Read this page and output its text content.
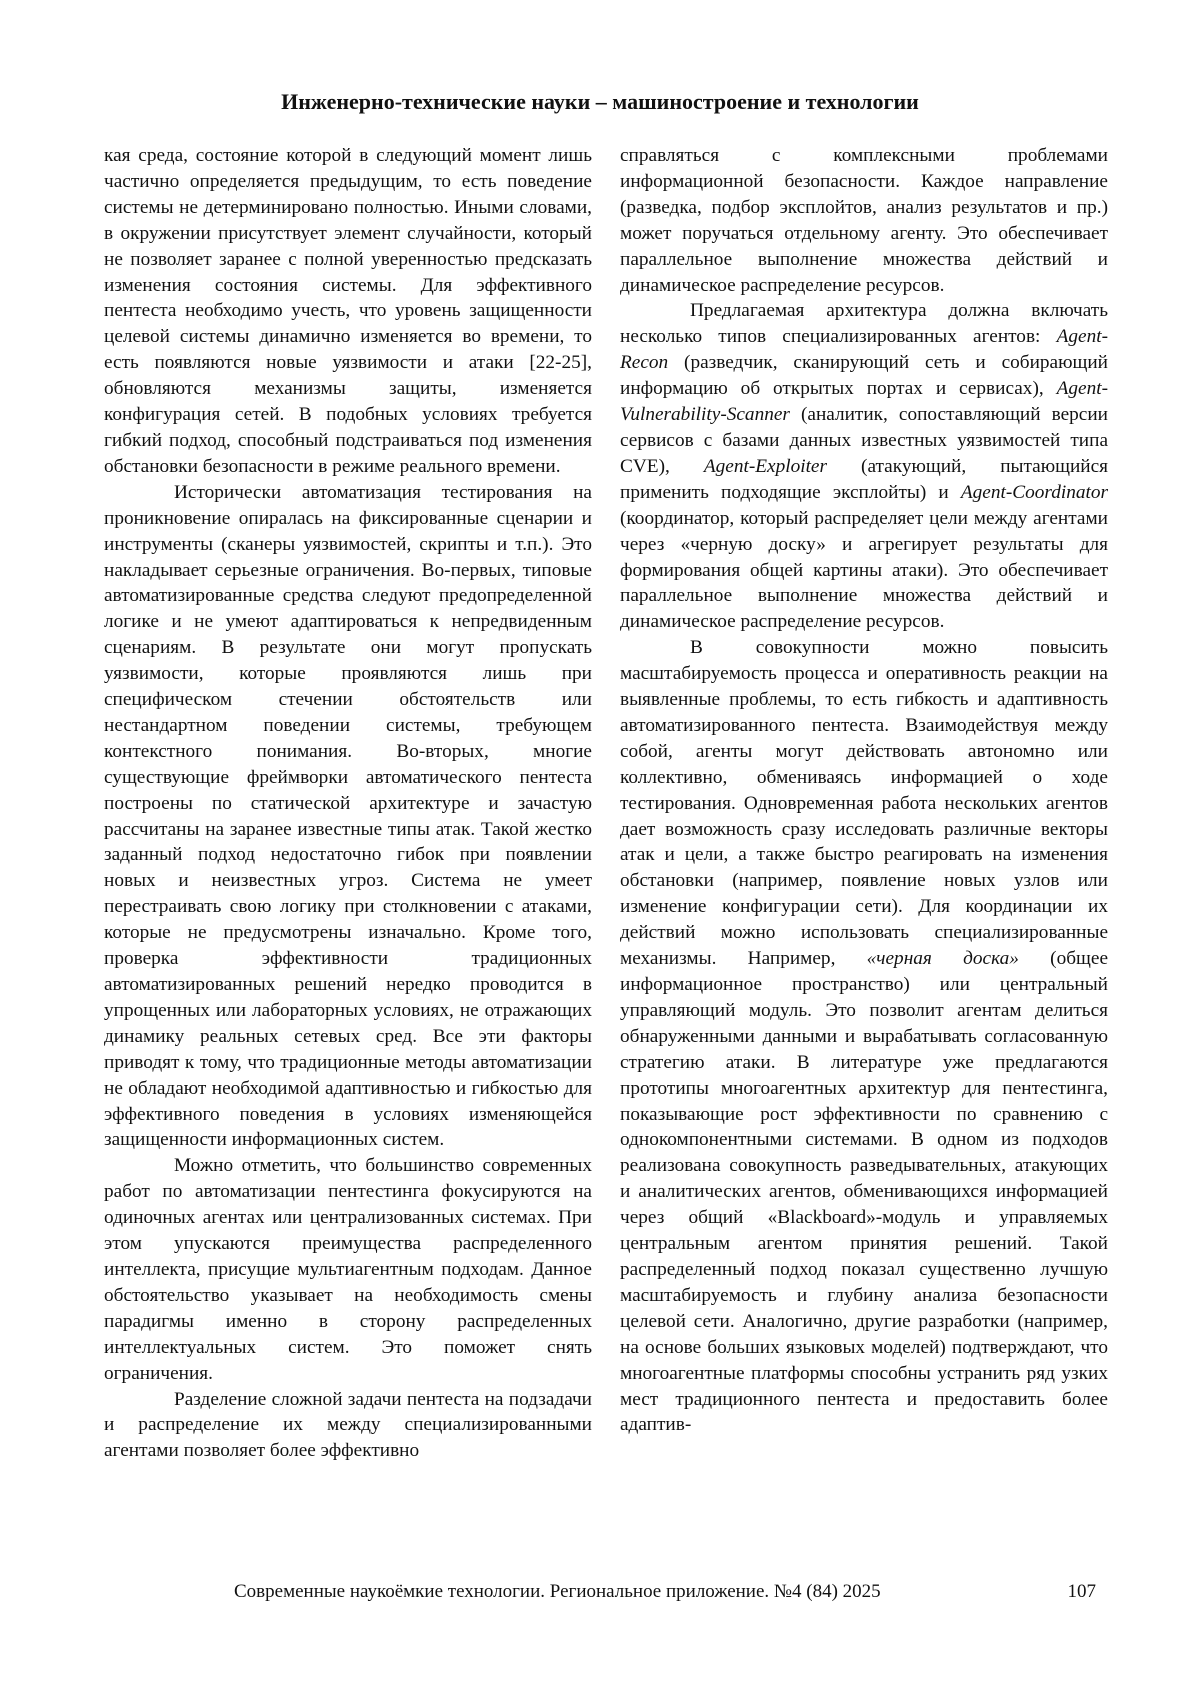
Инженерно-технические науки – машиностроение и технологии

кая среда, состояние которой в следующий момент лишь частично определяется предыдущим, то есть поведение системы не детерминировано полностью. Иными словами, в окружении присутствует элемент случайности, который не позволяет заранее с полной уверенностью предсказать изменения состояния системы. Для эффективного пентеста необходимо учесть, что уровень защищенности целевой системы динамично изменяется во времени, то есть появляются новые уязвимости и атаки [22-25], обновляются механизмы защиты, изменяется конфигурация сетей. В подобных условиях требуется гибкий подход, способный подстраиваться под изменения обстановки безопасности в режиме реального времени.

Исторически автоматизация тестирования на проникновение опиралась на фиксированные сценарии и инструменты (сканеры уязвимостей, скрипты и т.п.). Это накладывает серьезные ограничения. Во-первых, типовые автоматизированные средства следуют предопределенной логике и не умеют адаптироваться к непредвиденным сценариям. В результате они могут пропускать уязвимости, которые проявляются лишь при специфическом стечении обстоятельств или нестандартном поведении системы, требующем контекстного понимания. Во-вторых, многие существующие фреймворки автоматического пентеста построены по статической архитектуре и зачастую рассчитаны на заранее известные типы атак. Такой жестко заданный подход недостаточно гибок при появлении новых и неизвестных угроз. Система не умеет перестраивать свою логику при столкновении с атаками, которые не предусмотрены изначально. Кроме того, проверка эффективности традиционных автоматизированных решений нередко проводится в упрощенных или лабораторных условиях, не отражающих динамику реальных сетевых сред. Все эти факторы приводят к тому, что традиционные методы автоматизации не обладают необходимой адаптивностью и гибкостью для эффективного поведения в условиях изменяющейся защищенности информационных систем.

Можно отметить, что большинство современных работ по автоматизации пентестинга фокусируются на одиночных агентах или централизованных системах. При этом упускаются преимущества распределенного интеллекта, присущие мультиагентным подходам. Данное обстоятельство указывает на необходимость смены парадигмы именно в сторону распределенных интеллектуальных систем. Это поможет снять ограничения.

Разделение сложной задачи пентеста на подзадачи и распределение их между специализированными агентами позволяет более эффективно

справляться с комплексными проблемами информационной безопасности. Каждое направление (разведка, подбор эксплойтов, анализ результатов и пр.) может поручаться отдельному агенту. Это обеспечивает параллельное выполнение множества действий и динамическое распределение ресурсов.

Предлагаемая архитектура должна включать несколько типов специализированных агентов: Agent-Recon (разведчик, сканирующий сеть и собирающий информацию об открытых портах и сервисах), Agent-Vulnerability-Scanner (аналитик, сопоставляющий версии сервисов с базами данных известных уязвимостей типа CVE), Agent-Exploiter (атакующий, пытающийся применить подходящие эксплойты) и Agent-Coordinator (координатор, который распределяет цели между агентами через «черную доску» и агрегирует результаты для формирования общей картины атаки). Это обеспечивает параллельное выполнение множества действий и динамическое распределение ресурсов.

В совокупности можно повысить масштабируемость процесса и оперативность реакции на выявленные проблемы, то есть гибкость и адаптивность автоматизированного пентеста. Взаимодействуя между собой, агенты могут действовать автономно или коллективно, обмениваясь информацией о ходе тестирования. Одновременная работа нескольких агентов дает возможность сразу исследовать различные векторы атак и цели, а также быстро реагировать на изменения обстановки (например, появление новых узлов или изменение конфигурации сети). Для координации их действий можно использовать специализированные механизмы. Например, «черная доска» (общее информационное пространство) или центральный управляющий модуль. Это позволит агентам делиться обнаруженными данными и вырабатывать согласованную стратегию атаки. В литературе уже предлагаются прототипы многоагентных архитектур для пентестинга, показывающие рост эффективности по сравнению с однокомпонентными системами. В одном из подходов реализована совокупность разведывательных, атакующих и аналитических агентов, обменивающихся информацией через общий «Blackboard»-модуль и управляемых центральным агентом принятия решений. Такой распределенный подход показал существенно лучшую масштабируемость и глубину анализа безопасности целевой сети. Аналогично, другие разработки (например, на основе больших языковых моделей) подтверждают, что многоагентные платформы способны устранить ряд узких мест традиционного пентеста и предоставить более адаптив-

Современные наукоёмкие технологии. Региональное приложение. №4 (84) 2025	107
